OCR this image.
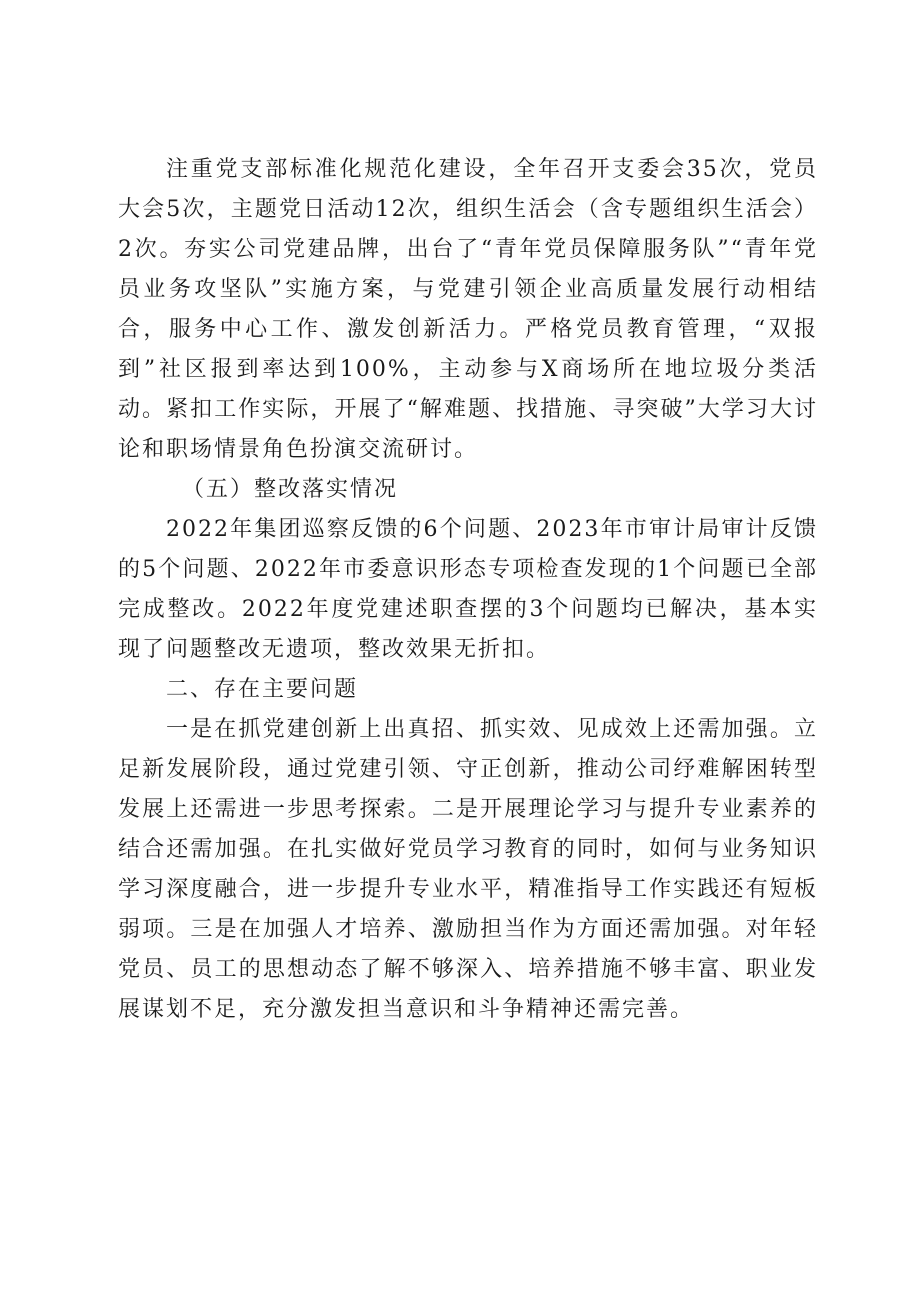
注重党支部标准化规范化建设，全年召开支委会35次，党员大会5次，主题党日活动12次，组织生活会（含专题组织生活会）2次。夯实公司党建品牌，出台了“青年党员保障服务队”“青年党员业务攻坚队”实施方案，与党建引领企业高质量发展行动相结合，服务中心工作、激发创新活力。严格党员教育管理，“双报到”社区报到率达到100%，主动参与X商场所在地垃圾分类活动。紧扣工作实际，开展了“解难题、找措施、寻突破”大学习大讨论和职场情景角色扮演交流研讨。

（五）整改落实情况

2022年集团巡察反馈的6个问题、2023年市审计局审计反馈的5个问题、2022年市委意识形态专项检查发现的1个问题已全部完成整改。2022年度党建述职查摆的3个问题均已解决，基本实现了问题整改无遗项，整改效果无折扣。

二、存在主要问题

一是在抓党建创新上出真招、抓实效、见成效上还需加强。立足新发展阶段，通过党建引领、守正创新，推动公司纾难解困转型发展上还需进一步思考探索。二是开展理论学习与提升专业素养的结合还需加强。在扎实做好党员学习教育的同时，如何与业务知识学习深度融合，进一步提升专业水平，精准指导工作实践还有短板弱项。三是在加强人才培养、激励担当作为方面还需加强。对年轻党员、员工的思想动态了解不够深入、培养措施不够丰富、职业发展谋划不足，充分激发担当意识和斗争精神还需完善。
